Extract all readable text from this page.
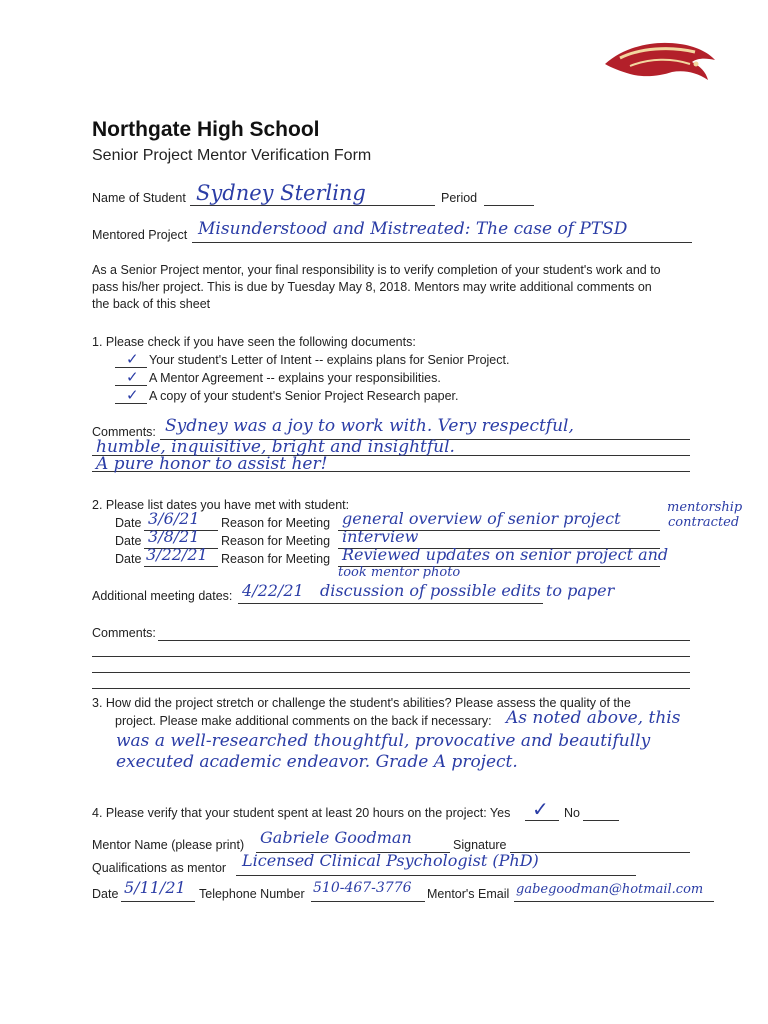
Northgate High School
Senior Project Mentor Verification Form
Name of Student Sydney Sterling	Period
Mentored Project Misunderstood and Mistreated: The case of PTSD
As a Senior Project mentor, your final responsibility is to verify completion of your student's work and to
pass his/her project. This is due by Tuesday May 8, 2018. Mentors may write additional comments on
the back of this sheet
1. Please check if you have seen the following documents:
✓ Your student's Letter of Intent -- explains plans for Senior Project.
✓ A Mentor Agreement -- explains your responsibilities.
✓ A copy of your student's Senior Project Research paper.
Comments: Sydney was a joy to work with. Very respectful,
humble, inquisitive, bright and insightful.
A pure honor to assist her!
2. Please list dates you have met with student:	mentorship
contracted
Date 3/6/21 Reason for Meeting general overview of senior project
Date 3/8/21 Reason for Meeting interview
Date 3/22/21 Reason for Meeting Reviewed updates on senior project and
took mentor photo
Additional meeting dates: 4/22/21 discussion of possible edits to paper
Comments:
3. How did the project stretch or challenge the student's abilities? Please assess the quality of the
project. Please make additional comments on the back if necessary: As noted above, this
was a well-researched thoughtful, provocative and beautifully
executed academic endeavor. Grade A project.
4. Please verify that your student spent at least 20 hours on the project: Yes ✓ No
Mentor Name (please print) Gabriele Goodman	Signature
Qualifications as mentor Licensed Clinical Psychologist (PhD)
Date 5/11/21 Telephone Number 510-467-3776 Mentor's Email gabegoodman@hotmail.com
